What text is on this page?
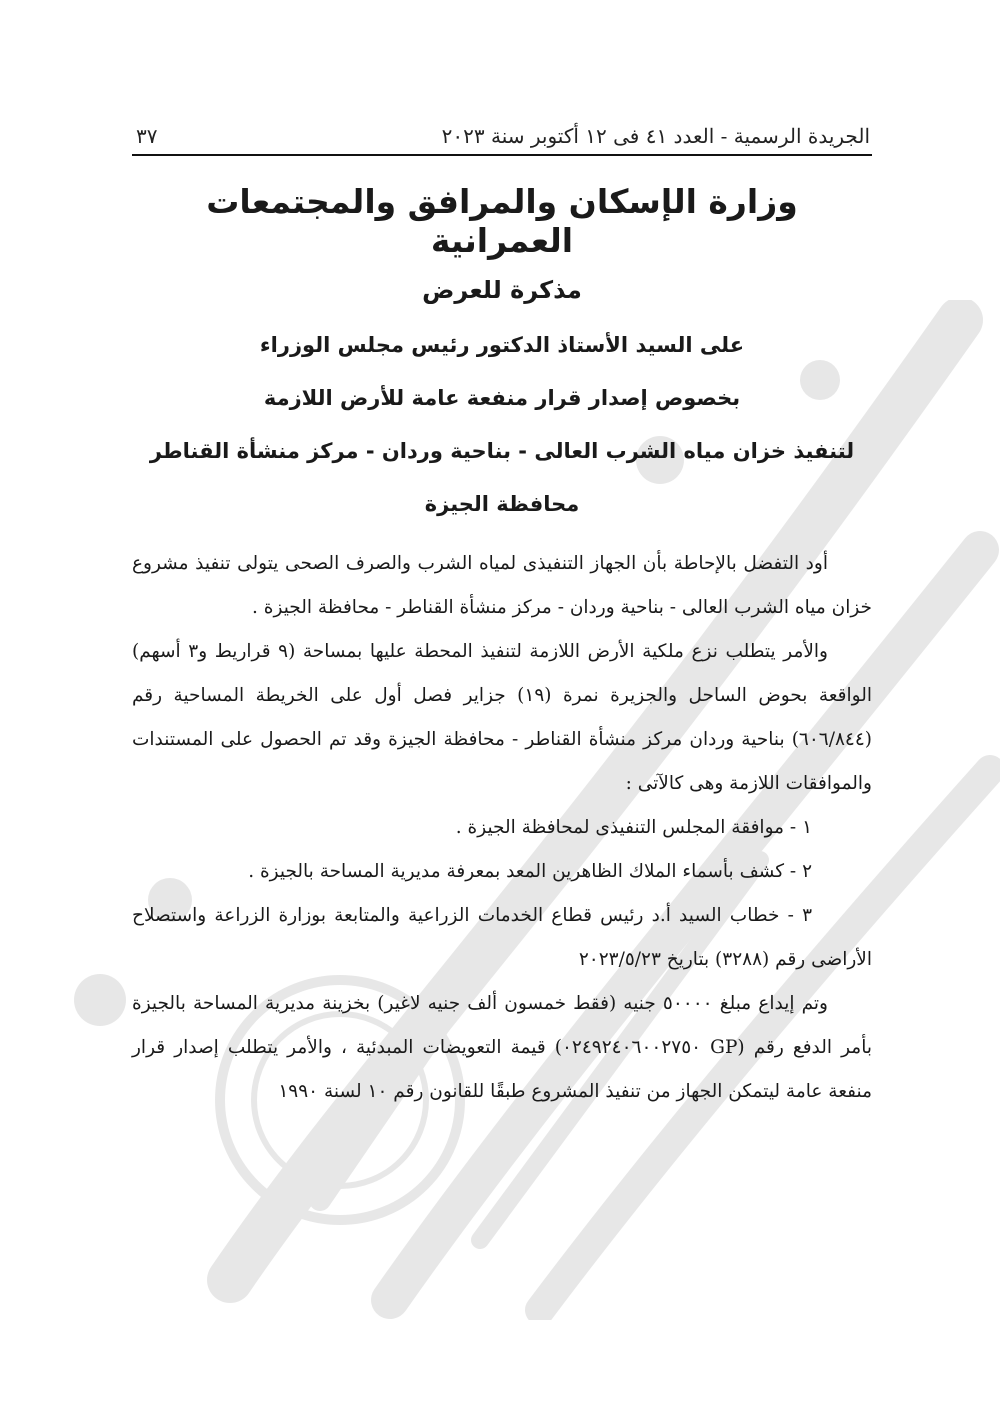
الجريدة الرسمية - العدد ٤١ فى ١٢ أكتوبر سنة ٢٠٢٣
٣٧
وزارة الإسكان والمرافق والمجتمعات العمرانية
مذكرة للعرض
على السيد الأستاذ الدكتور رئيس مجلس الوزراء
بخصوص إصدار قرار منفعة عامة للأرض اللازمة
لتنفيذ خزان مياه الشرب العالى - بناحية وردان - مركز منشأة القناطر
محافظة الجيزة

أود التفضل بالإحاطة بأن الجهاز التنفيذى لمياه الشرب والصرف الصحى يتولى تنفيذ مشروع خزان مياه الشرب العالى - بناحية وردان - مركز منشأة القناطر - محافظة الجيزة .

والأمر يتطلب نزع ملكية الأرض اللازمة لتنفيذ المحطة عليها بمساحة (٩ قراريط و٣ أسهم) الواقعة بحوض الساحل والجزيرة نمرة (١٩) جزاير فصل أول على الخريطة المساحية رقم (٦٠٦/٨٤٤) بناحية وردان مركز منشأة القناطر - محافظة الجيزة وقد تم الحصول على المستندات والموافقات اللازمة وهى كالآتى :

١ - موافقة المجلس التنفيذى لمحافظة الجيزة .

٢ - كشف بأسماء الملاك الظاهرين المعد بمعرفة مديرية المساحة بالجيزة .

٣ - خطاب السيد أ.د رئيس قطاع الخدمات الزراعية والمتابعة بوزارة الزراعة واستصلاح الأراضى رقم (٣٢٨٨) بتاريخ ٢٠٢٣/٥/٢٣

وتم إيداع مبلغ ٥٠٠٠٠ جنيه (فقط خمسون ألف جنيه لاغير) بخزينة مديرية المساحة بالجيزة بأمر الدفع رقم (GP ٠٢٤٩٢٤٠٦٠٠٢٧٥٠) قيمة التعويضات المبدئية ، والأمر يتطلب إصدار قرار منفعة عامة ليتمكن الجهاز من تنفيذ المشروع طبقًا للقانون رقم ١٠ لسنة ١٩٩٠
